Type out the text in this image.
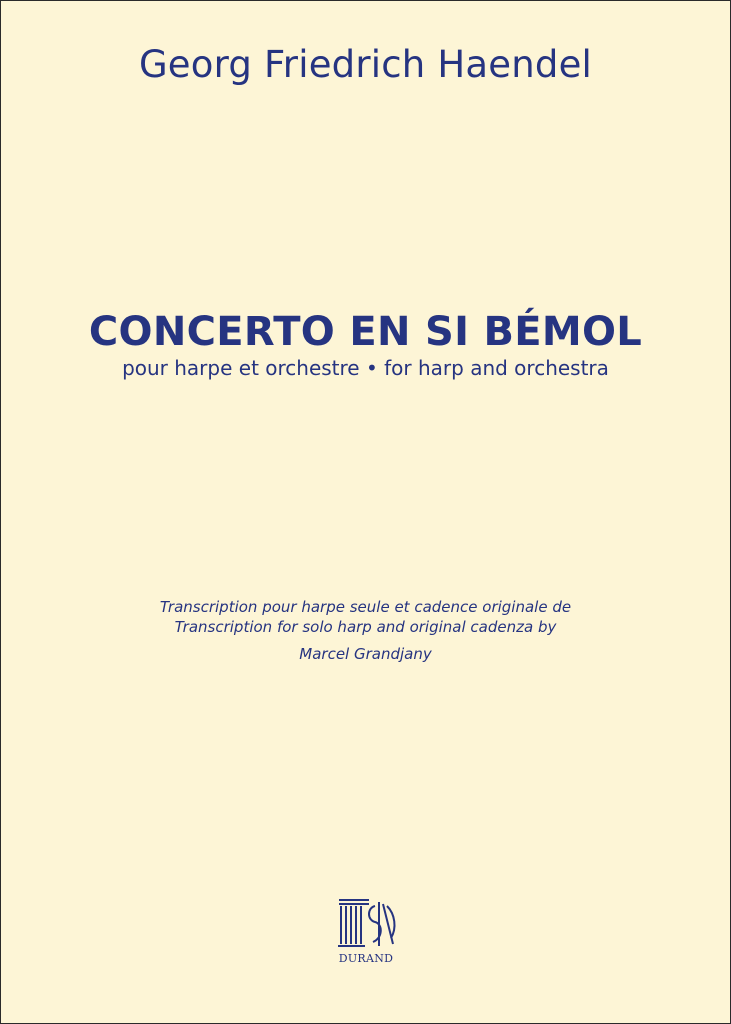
Georg Friedrich Haendel
CONCERTO EN SI BÉMOL
pour harpe et orchestre • for harp and orchestra
Transcription pour harpe seule et cadence originale de
Transcription for solo harp and original cadenza by
Marcel Grandjany
DURAND
